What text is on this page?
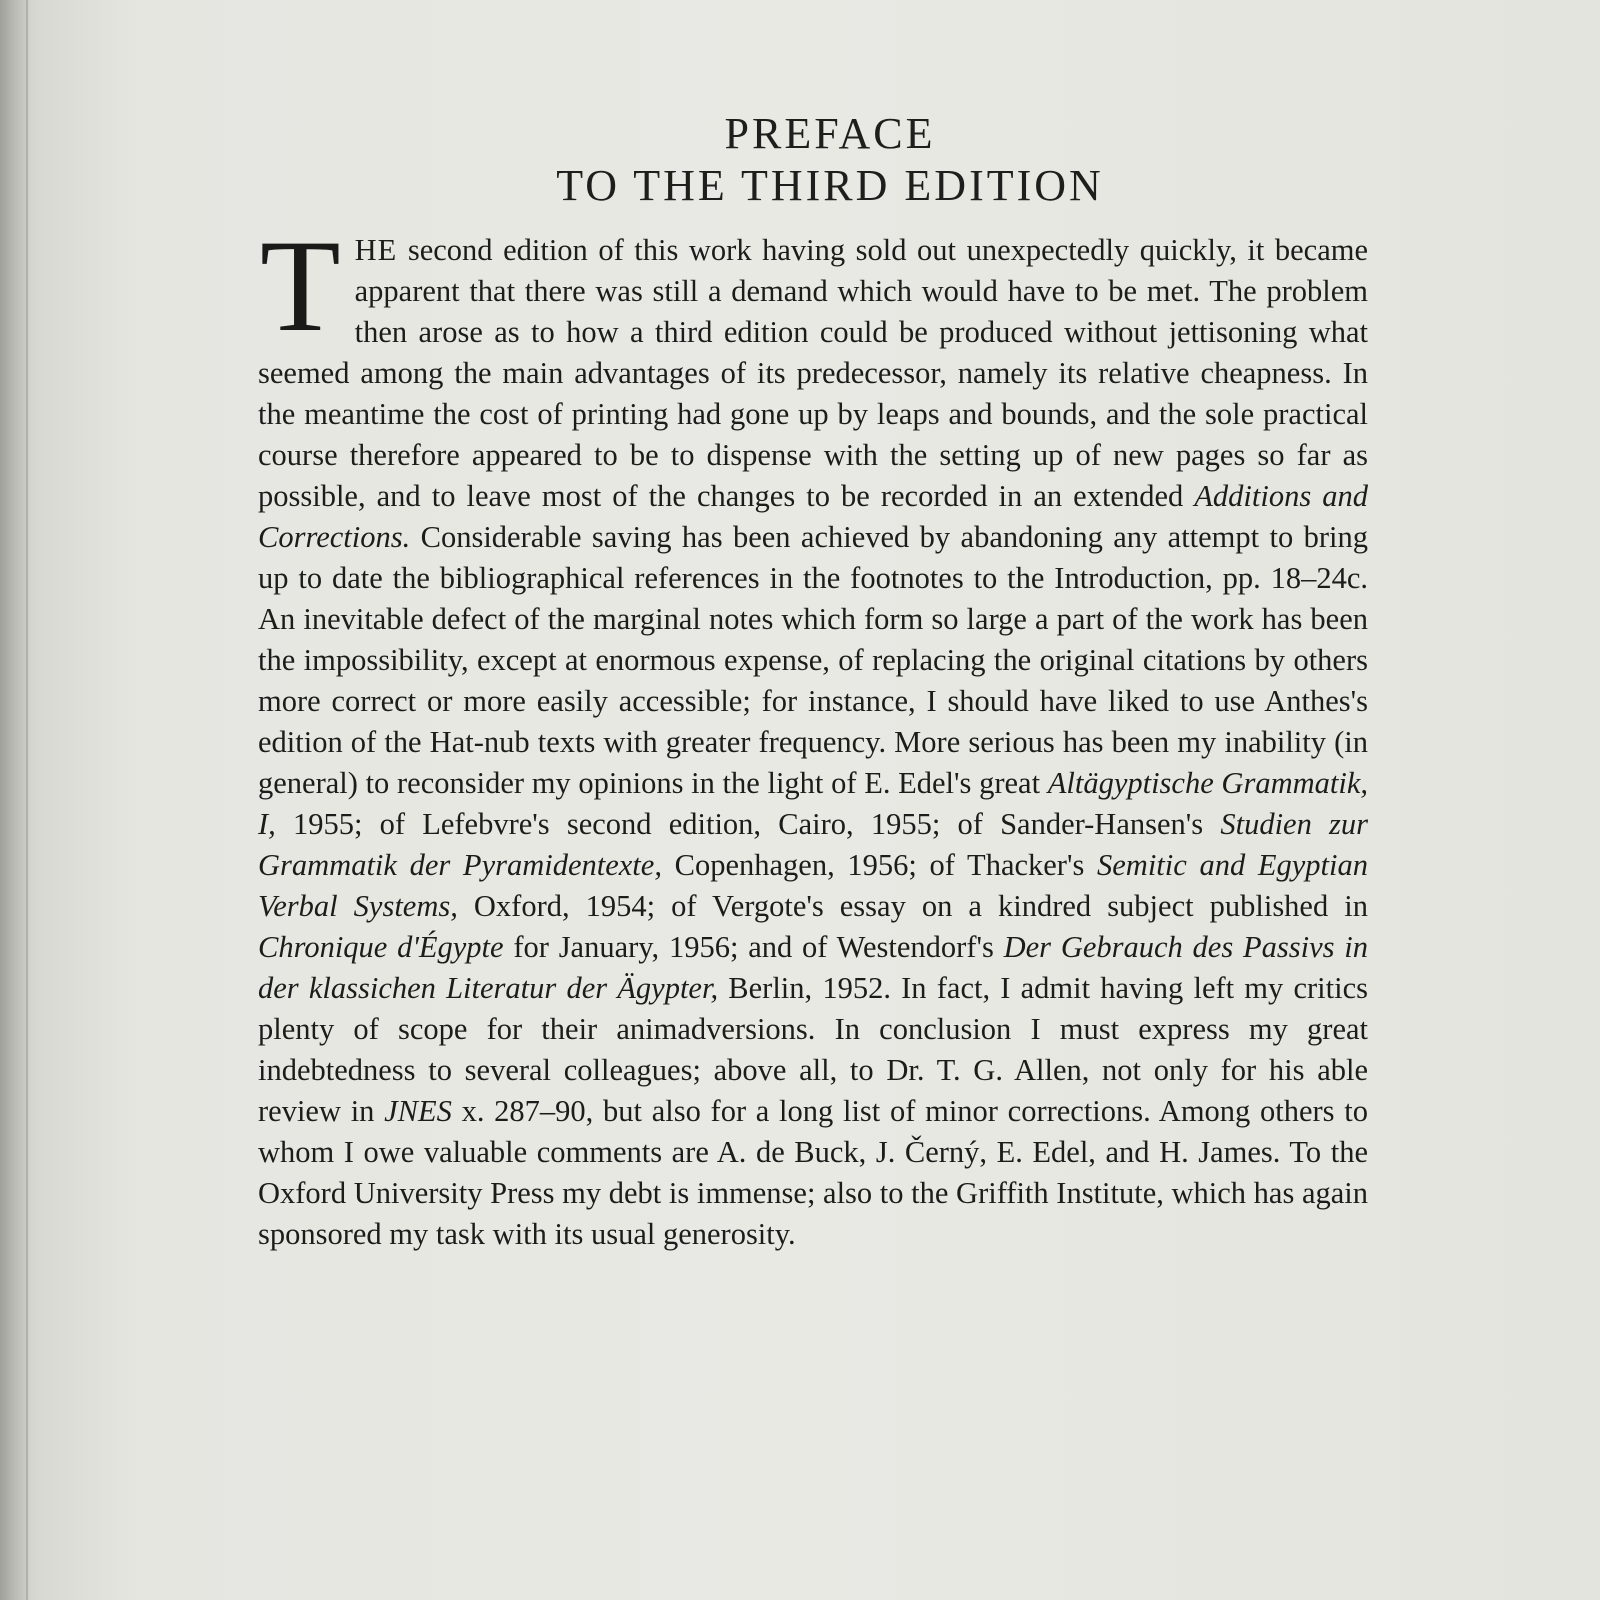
PREFACE
TO THE THIRD EDITION

THE second edition of this work having sold out unexpectedly quickly, it became apparent that there was still a demand which would have to be met. The problem then arose as to how a third edition could be produced without jettisoning what seemed among the main advantages of its predecessor, namely its relative cheapness. In the meantime the cost of printing had gone up by leaps and bounds, and the sole practical course therefore appeared to be to dispense with the setting up of new pages so far as possible, and to leave most of the changes to be recorded in an extended Additions and Corrections. Considerable saving has been achieved by abandoning any attempt to bring up to date the bibliographical references in the footnotes to the Introduction, pp. 18–24c. An inevitable defect of the marginal notes which form so large a part of the work has been the impossibility, except at enormous expense, of replacing the original citations by others more correct or more easily accessible; for instance, I should have liked to use Anthes's edition of the Hat-nub texts with greater frequency. More serious has been my inability (in general) to reconsider my opinions in the light of E. Edel's great Altägyptische Grammatik, I, 1955; of Lefebvre's second edition, Cairo, 1955; of Sander-Hansen's Studien zur Grammatik der Pyramidentexte, Copenhagen, 1956; of Thacker's Semitic and Egyptian Verbal Systems, Oxford, 1954; of Vergote's essay on a kindred subject published in Chronique d'Égypte for January, 1956; and of Westendorf's Der Gebrauch des Passivs in der klassichen Literatur der Ägypter, Berlin, 1952. In fact, I admit having left my critics plenty of scope for their animadversions. In conclusion I must express my great indebtedness to several colleagues; above all, to Dr. T. G. Allen, not only for his able review in JNES x. 287–90, but also for a long list of minor corrections. Among others to whom I owe valuable comments are A. de Buck, J. Černý, E. Edel, and H. James. To the Oxford University Press my debt is immense; also to the Griffith Institute, which has again sponsored my task with its usual generosity.
